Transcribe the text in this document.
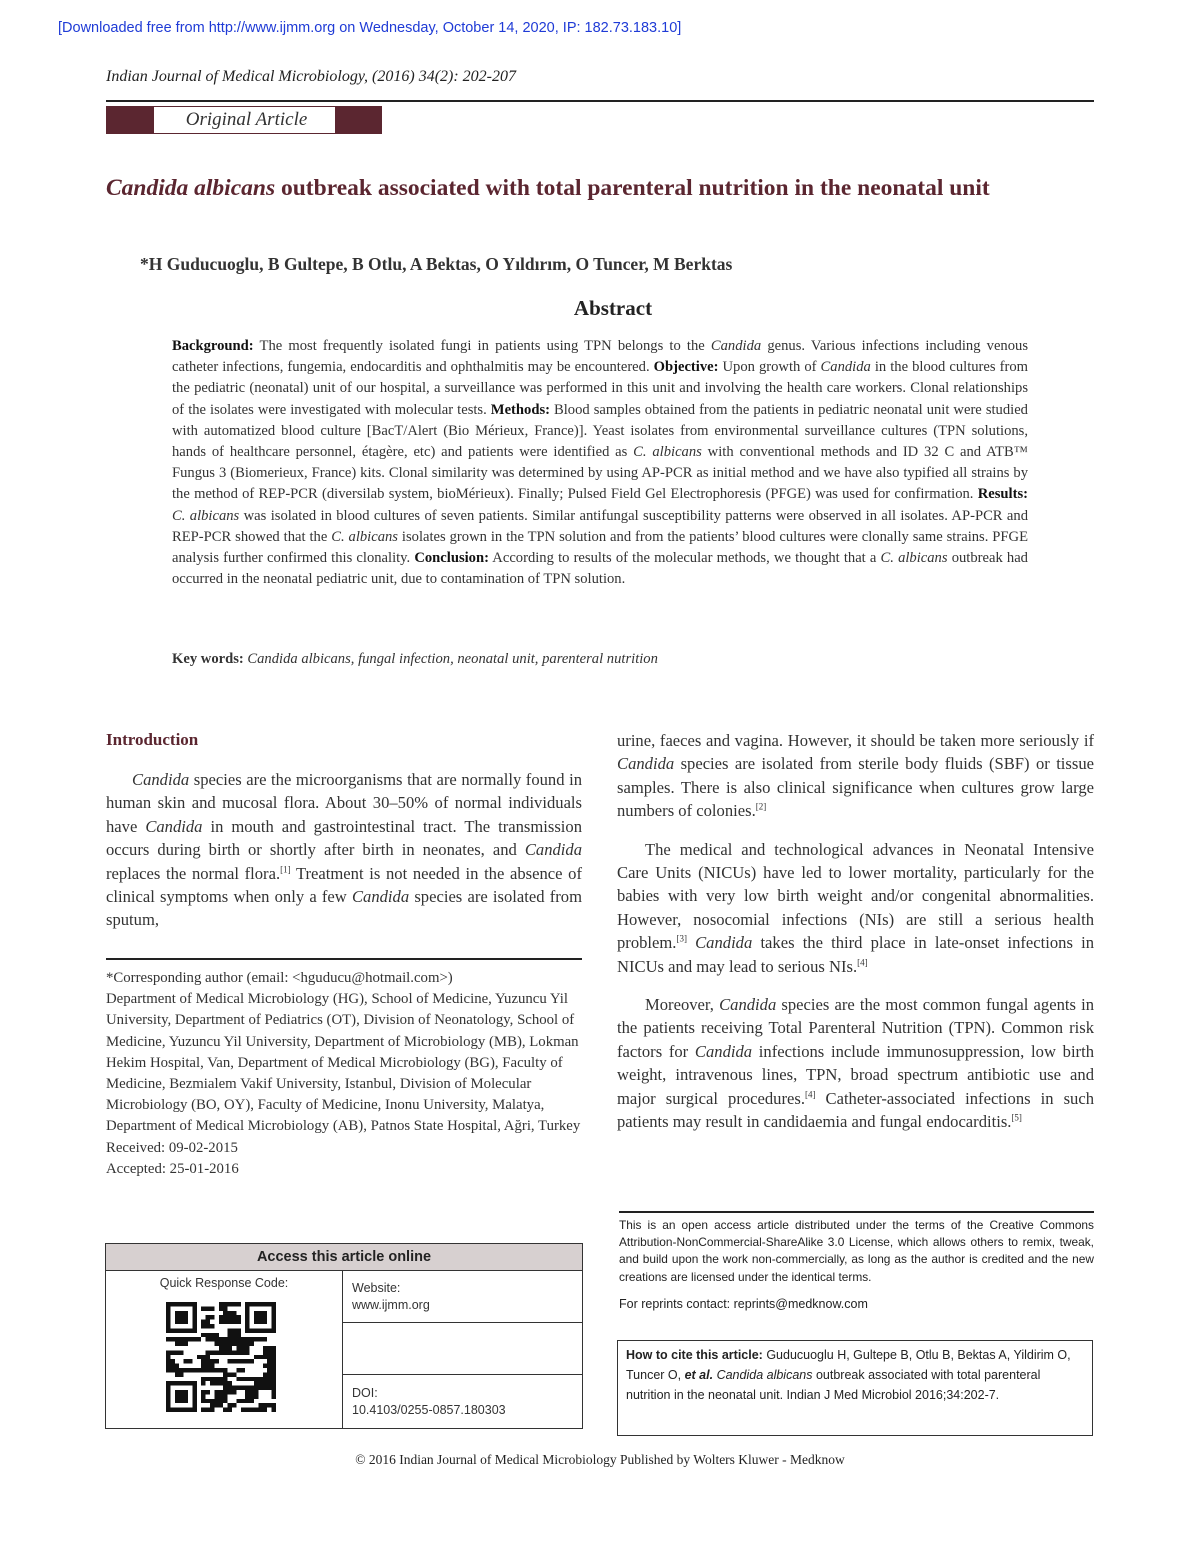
[Downloaded free from http://www.ijmm.org on Wednesday, October 14, 2020, IP: 182.73.183.10]
Indian Journal of Medical Microbiology, (2016) 34(2): 202-207
Original Article
Candida albicans outbreak associated with total parenteral nutrition in the neonatal unit
*H Guducuoglu, B Gultepe, B Otlu, A Bektas, O Yıldırım, O Tuncer, M Berktas
Abstract
Background: The most frequently isolated fungi in patients using TPN belongs to the Candida genus. Various infections including venous catheter infections, fungemia, endocarditis and ophthalmitis may be encountered. Objective: Upon growth of Candida in the blood cultures from the pediatric (neonatal) unit of our hospital, a surveillance was performed in this unit and involving the health care workers. Clonal relationships of the isolates were investigated with molecular tests. Methods: Blood samples obtained from the patients in pediatric neonatal unit were studied with automatized blood culture [BacT/Alert (Bio Mérieux, France)]. Yeast isolates from environmental surveillance cultures (TPN solutions, hands of healthcare personnel, étagère, etc) and patients were identified as C. albicans with conventional methods and ID 32 C and ATB™ Fungus 3 (Biomerieux, France) kits. Clonal similarity was determined by using AP-PCR as initial method and we have also typified all strains by the method of REP-PCR (diversilab system, bioMérieux). Finally; Pulsed Field Gel Electrophoresis (PFGE) was used for confirmation. Results: C. albicans was isolated in blood cultures of seven patients. Similar antifungal susceptibility patterns were observed in all isolates. AP-PCR and REP-PCR showed that the C. albicans isolates grown in the TPN solution and from the patients’ blood cultures were clonally same strains. PFGE analysis further confirmed this clonality. Conclusion: According to results of the molecular methods, we thought that a C. albicans outbreak had occurred in the neonatal pediatric unit, due to contamination of TPN solution.
Key words: Candida albicans, fungal infection, neonatal unit, parenteral nutrition
Introduction

Candida species are the microorganisms that are normally found in human skin and mucosal flora. About 30–50% of normal individuals have Candida in mouth and gastrointestinal tract. The transmission occurs during birth or shortly after birth in neonates, and Candida replaces the normal flora.[1] Treatment is not needed in the absence of clinical symptoms when only a few Candida species are isolated from sputum,

*Corresponding author (email: <hguducu@hotmail.com>)
Department of Medical Microbiology (HG), School of Medicine, Yuzuncu Yil University, Department of Pediatrics (OT), Division of Neonatology, School of Medicine, Yuzuncu Yil University, Department of Microbiology (MB), Lokman Hekim Hospital, Van, Department of Medical Microbiology (BG), Faculty of Medicine, Bezmialem Vakif University, Istanbul, Division of Molecular Microbiology (BO, OY), Faculty of Medicine, Inonu University, Malatya, Department of Medical Microbiology (AB), Patnos State Hospital, Ağri, Turkey
Received: 09-02-2015
Accepted: 25-01-2016
Access this article online
Quick Response Code:	Website:
www.ijmm.org
DOI:
10.4103/0255-0857.180303

urine, faeces and vagina. However, it should be taken more seriously if Candida species are isolated from sterile body fluids (SBF) or tissue samples. There is also clinical significance when cultures grow large numbers of colonies.[2]

The medical and technological advances in Neonatal Intensive Care Units (NICUs) have led to lower mortality, particularly for the babies with very low birth weight and/or congenital abnormalities. However, nosocomial infections (NIs) are still a serious health problem.[3] Candida takes the third place in late-onset infections in NICUs and may lead to serious NIs.[4]

Moreover, Candida species are the most common fungal agents in the patients receiving Total Parenteral Nutrition (TPN). Common risk factors for Candida infections include immunosuppression, low birth weight, intravenous lines, TPN, broad spectrum antibiotic use and major surgical procedures.[4] Catheter-associated infections in such patients may result in candidaemia and fungal endocarditis.[5]

This is an open access article distributed under the terms of the Creative Commons Attribution-NonCommercial-ShareAlike 3.0 License, which allows others to remix, tweak, and build upon the work non-commercially, as long as the author is credited and the new creations are licensed under the identical terms.
For reprints contact: reprints@medknow.com
How to cite this article: Guducuoglu H, Gultepe B, Otlu B, Bektas A, Yildirim O, Tuncer O, et al. Candida albicans outbreak associated with total parenteral nutrition in the neonatal unit. Indian J Med Microbiol 2016;34:202-7.
© 2016 Indian Journal of Medical Microbiology Published by Wolters Kluwer - Medknow
